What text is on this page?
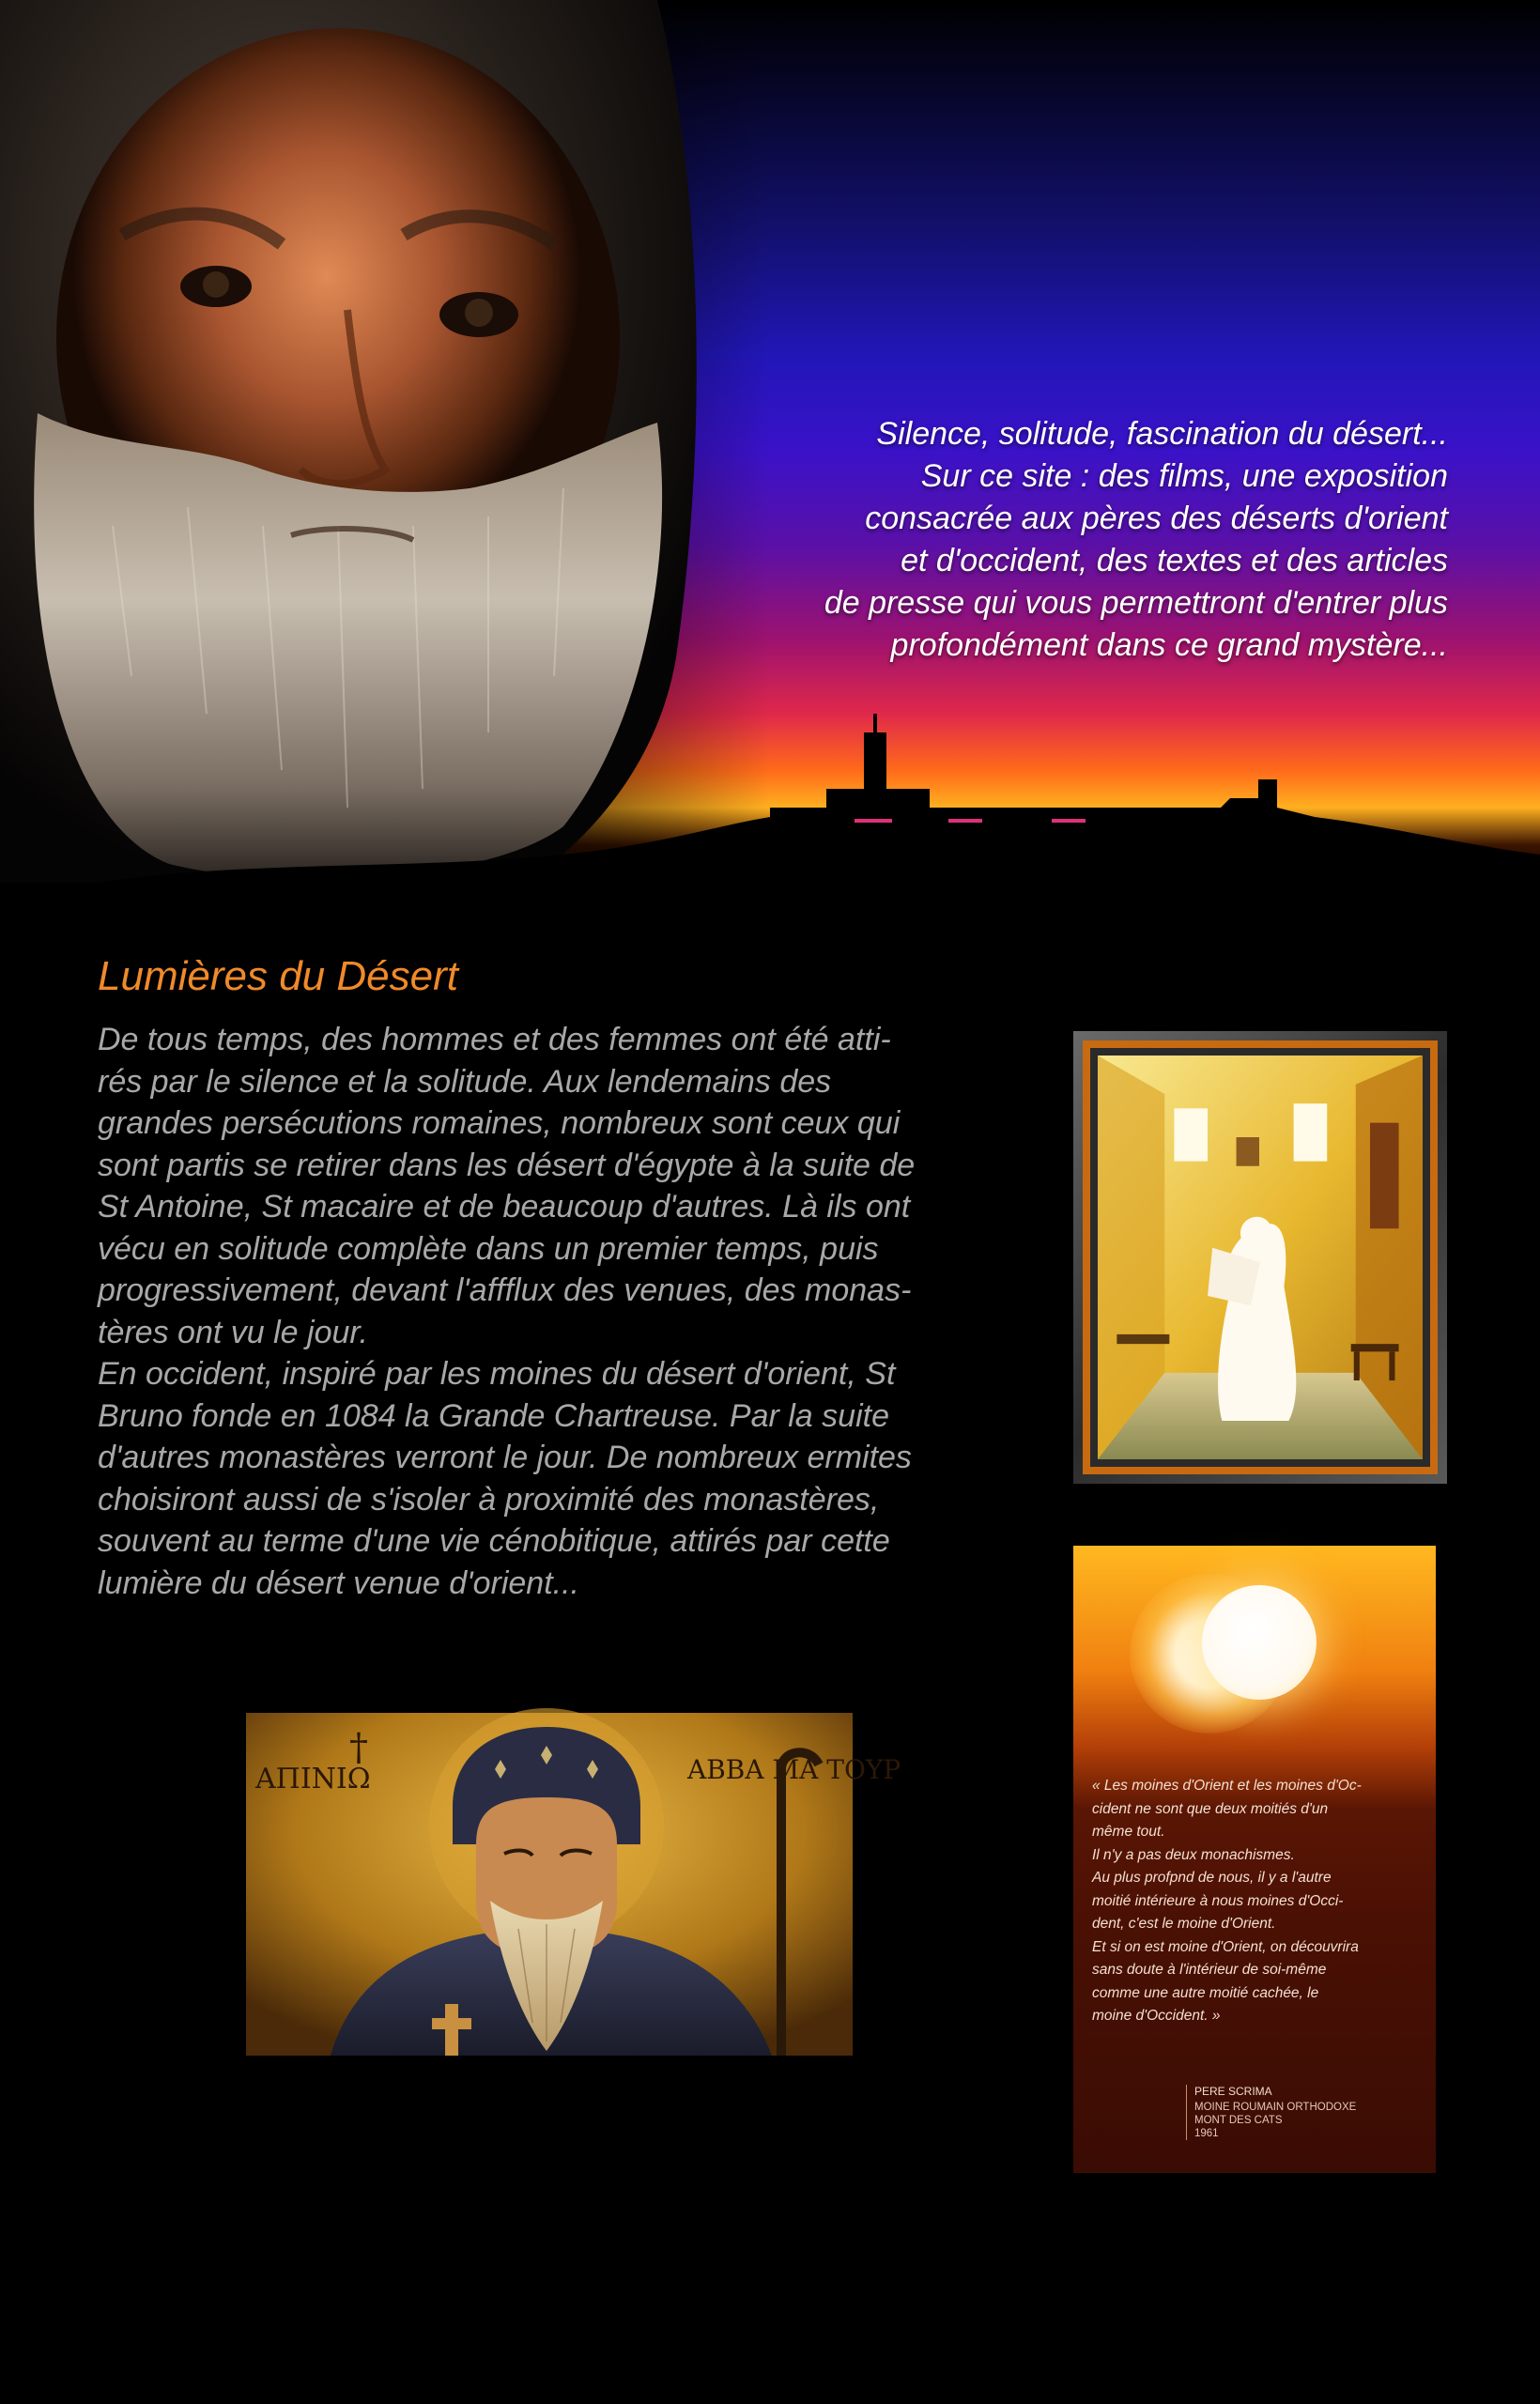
Silence, solitude, fascination du désert...

Sur ce site : des films, une exposition

consacrée aux pères des déserts d'orient

et d'occident, des textes et des articles

de presse qui vous permettront d'entrer plus

profondément dans ce grand mystère...

Lumières du Désert

De tous temps, des hommes et des femmes ont été atti-

rés par le silence et la solitude. Aux lendemains des

grandes persécutions romaines, nombreux sont ceux qui

sont partis se retirer dans les désert d'égypte à la suite de

St Antoine, St macaire et de beaucoup d'autres. Là ils ont

vécu en solitude complète dans un premier temps, puis

progressivement, devant l'affflux des venues, des monas-

tères ont vu le jour.

En occident, inspiré par les moines du désert d'orient, St

Bruno fonde en 1084 la Grande Chartreuse. Par la suite

d'autres monastères verront le jour. De nombreux ermites

choisiront aussi de s'isoler à proximité des monastères,

souvent au terme d'une vie cénobitique, attirés par cette

lumière du désert venue d'orient...

ΑΠΙΝΙΩ	ΑΒΒΑ ΜΑ ΤΟΥΡ
†

« Les moines d'Orient et les moines d'Oc-

cident ne sont que deux moitiés d'un

même tout.

Il n'y a pas deux monachismes.

Au plus profpnd de nous, il y a l'autre

moitié intérieure à nous moines d'Occi-

dent, c'est le moine d'Orient.

Et si on est moine d'Orient, on découvrira

sans doute à l'intérieur de soi-même

comme une autre moitié cachée, le

moine d'Occident. »

PERE SCRIMA
MOINE ROUMAIN ORTHODOXE
MONT DES CATS
1961
